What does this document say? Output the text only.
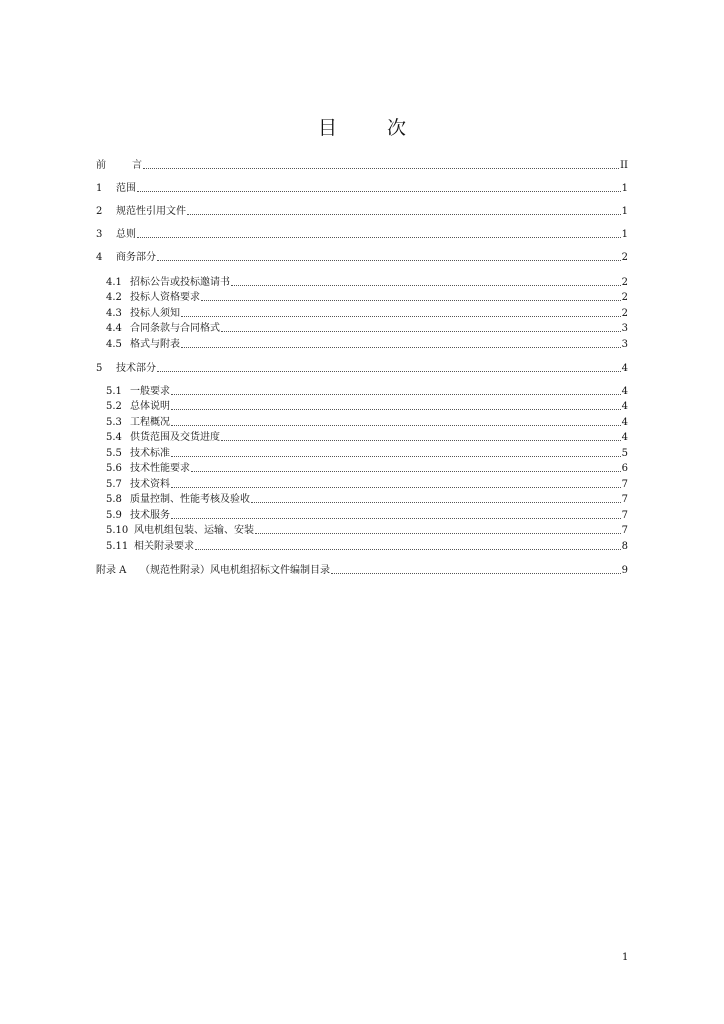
目 次
前	言	II
1	范围	1
2	规范性引用文件	1
3	总则	1
4	商务部分	2
4.1 招标公告或投标邀请书	2
4.2 投标人资格要求	2
4.3 投标人须知	2
4.4 合同条款与合同格式	3
4.5 格式与附表	3
5	技术部分	4
5.1 一般要求	4
5.2 总体说明	4
5.3 工程概况	4
5.4 供货范围及交货进度	4
5.5 技术标准	5
5.6 技术性能要求	6
5.7 技术资料	7
5.8 质量控制、性能考核及验收	7
5.9 技术服务	7
5.10 风电机组包装、运输、安装	7
5.11 相关附录要求	8
附录 A	（规范性附录）风电机组招标文件编制目录	9
1
